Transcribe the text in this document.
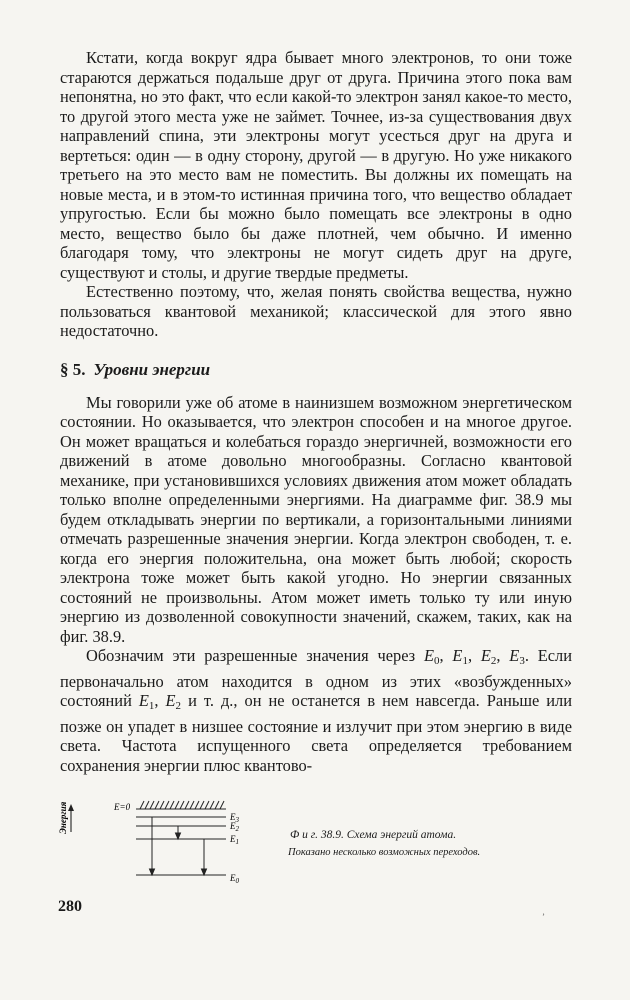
Кстати, когда вокруг ядра бывает много электронов, то они тоже стараются держаться подальше друг от друга. Причина этого пока вам непонятна, но это факт, что если какой-то электрон занял какое-то место, то другой этого места уже не займет. Точнее, из-за существования двух направлений спина, эти электроны могут усесться друг на друга и вертеться: один — в одну сторону, другой — в другую. Но уже никакого третьего на это место вам не поместить. Вы должны их помещать на новые места, и в этом-то истинная причина того, что вещество обладает упругостью. Если бы можно было помещать все электроны в одно место, вещество было бы даже плотней, чем обычно. И именно благодаря тому, что электроны не могут сидеть друг на друге, существуют и столы, и другие твердые предметы.

Естественно поэтому, что, желая понять свойства вещества, нужно пользоваться квантовой механикой; классической для этого явно недостаточно.

§ 5. Уровни энергии

Мы говорили уже об атоме в наинизшем возможном энергетическом состоянии. Но оказывается, что электрон способен и на многое другое. Он может вращаться и колебаться гораздо энергичней, возможности его движений в атоме довольно многообразны. Согласно квантовой механике, при установившихся условиях движения атом может обладать только вполне определенными энергиями. На диаграмме фиг. 38.9 мы будем откладывать энергии по вертикали, а горизонтальными линиями отмечать разрешенные значения энергии. Когда электрон свободен, т. е. когда его энергия положительна, она может быть любой; скорость электрона тоже может быть какой угодно. Но энергии связанных состояний не произвольны. Атом может иметь только ту или иную энергию из дозволенной совокупности значений, скажем, таких, как на фиг. 38.9.

Обозначим эти разрешенные значения через $E_0$, $E_1$, $E_2$, $E_3$. Если первоначально атом находится в одном из этих «возбужденных» состояний $E_1$, $E_2$ и т. д., он не останется в нем навсегда. Раньше или позже он упадет в низшее состояние и излучит при этом энергию в виде света. Частота испущенного света определяется требованием сохранения энергии плюс квантово-

Энергия	E=0
$E_3$
$E_2$
$E_1$
$E_0$
Ф и г. 38.9. Схема энергий атома.
Показано несколько возможных переходов.
280
ʼ
